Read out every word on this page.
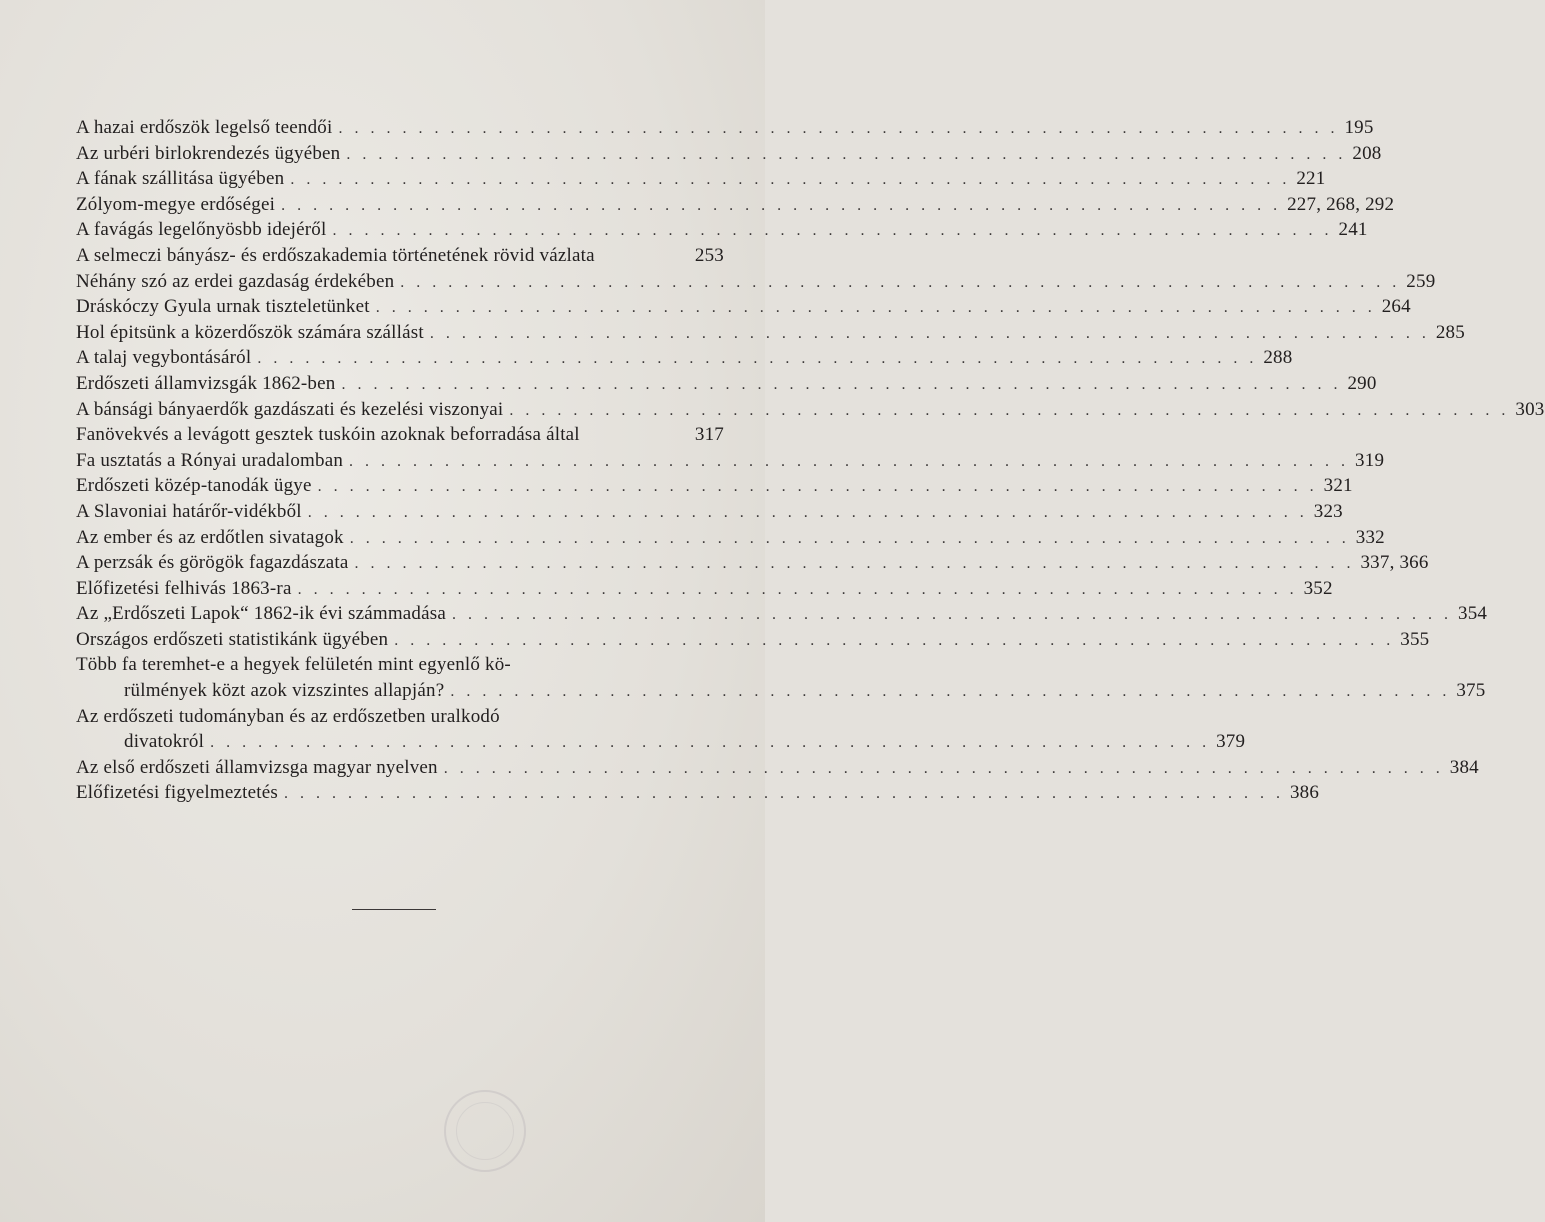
A hazai erdőszök legelső teendői . . .	195
Az urbéri birlokrendezés ügyében . . .	208
A fának szállitása ügyében . . .	221
Zólyom-megye erdőségei . . .	227, 268, 292
A favágás legelőnyösbb idejéről . . .	241
A selmeczi bányász- és erdőszakademia történetének rövid vázlata	253
Néhány szó az erdei gazdaság érdekében . . .	259
Dráskóczy Gyula urnak tiszteletünket . . .	264
Hol épitsünk a közerdőszök számára szállást . . .	285
A talaj vegybontásáról . . .	288
Erdőszeti államvizsgák 1862-ben . . .	290
A bánsági bányaerdők gazdászati és kezelési viszonyai . . .	303
Fanövekvés a levágott gesztek tuskóin azoknak beforradása által	317
Fa usztatás a Rónyai uradalomban . . .	319
Erdőszeti közép-tanodák ügye . . .	321
A Slavoniai határőr-vidékből . . .	323
Az ember és az erdőtlen sivatagok . . .	332
A perzsák és görögök fagazdászata . . .	337, 366
Előfizetési felhivás 1863-ra . . .	352
Az „Erdőszeti Lapok“ 1862-ik évi számmadása . . .	354
Országos erdőszeti statistikánk ügyében . . .	355
Több fa teremhet-e a hegyek felületén mint egyenlő kö-
rülmények közt azok vizszintes allapján? . . .	375
Az erdőszeti tudományban és az erdőszetben uralkodó
divatokról . . .	379
Az első erdőszeti államvizsga magyar nyelven . . .	384
Előfizetési figyelmeztetés . . .	386
